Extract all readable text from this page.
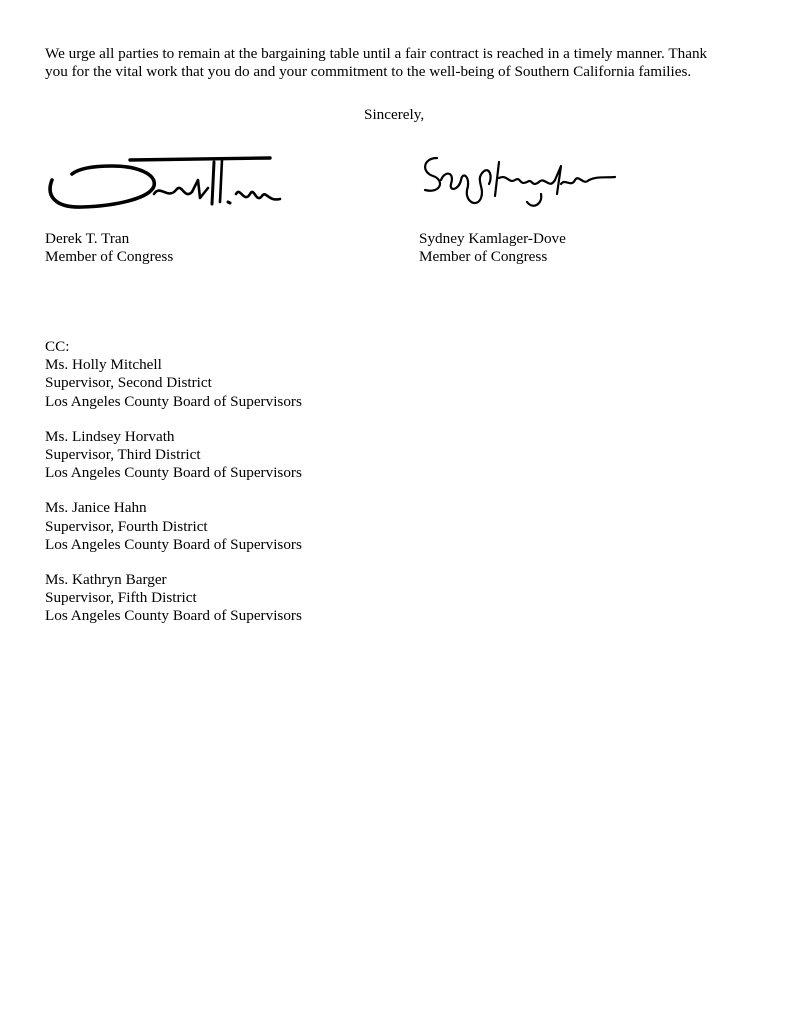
We urge all parties to remain at the bargaining table until a fair contract is reached in a timely manner. Thank
you for the vital work that you do and your commitment to the well-being of Southern California families.
Sincerely,
Derek T. Tran
Member of Congress
Sydney Kamlager-Dove
Member of Congress
CC:
Ms. Holly Mitchell
Supervisor, Second District
Los Angeles County Board of Supervisors
Ms. Lindsey Horvath
Supervisor, Third District
Los Angeles County Board of Supervisors
Ms. Janice Hahn
Supervisor, Fourth District
Los Angeles County Board of Supervisors
Ms. Kathryn Barger
Supervisor, Fifth District
Los Angeles County Board of Supervisors
